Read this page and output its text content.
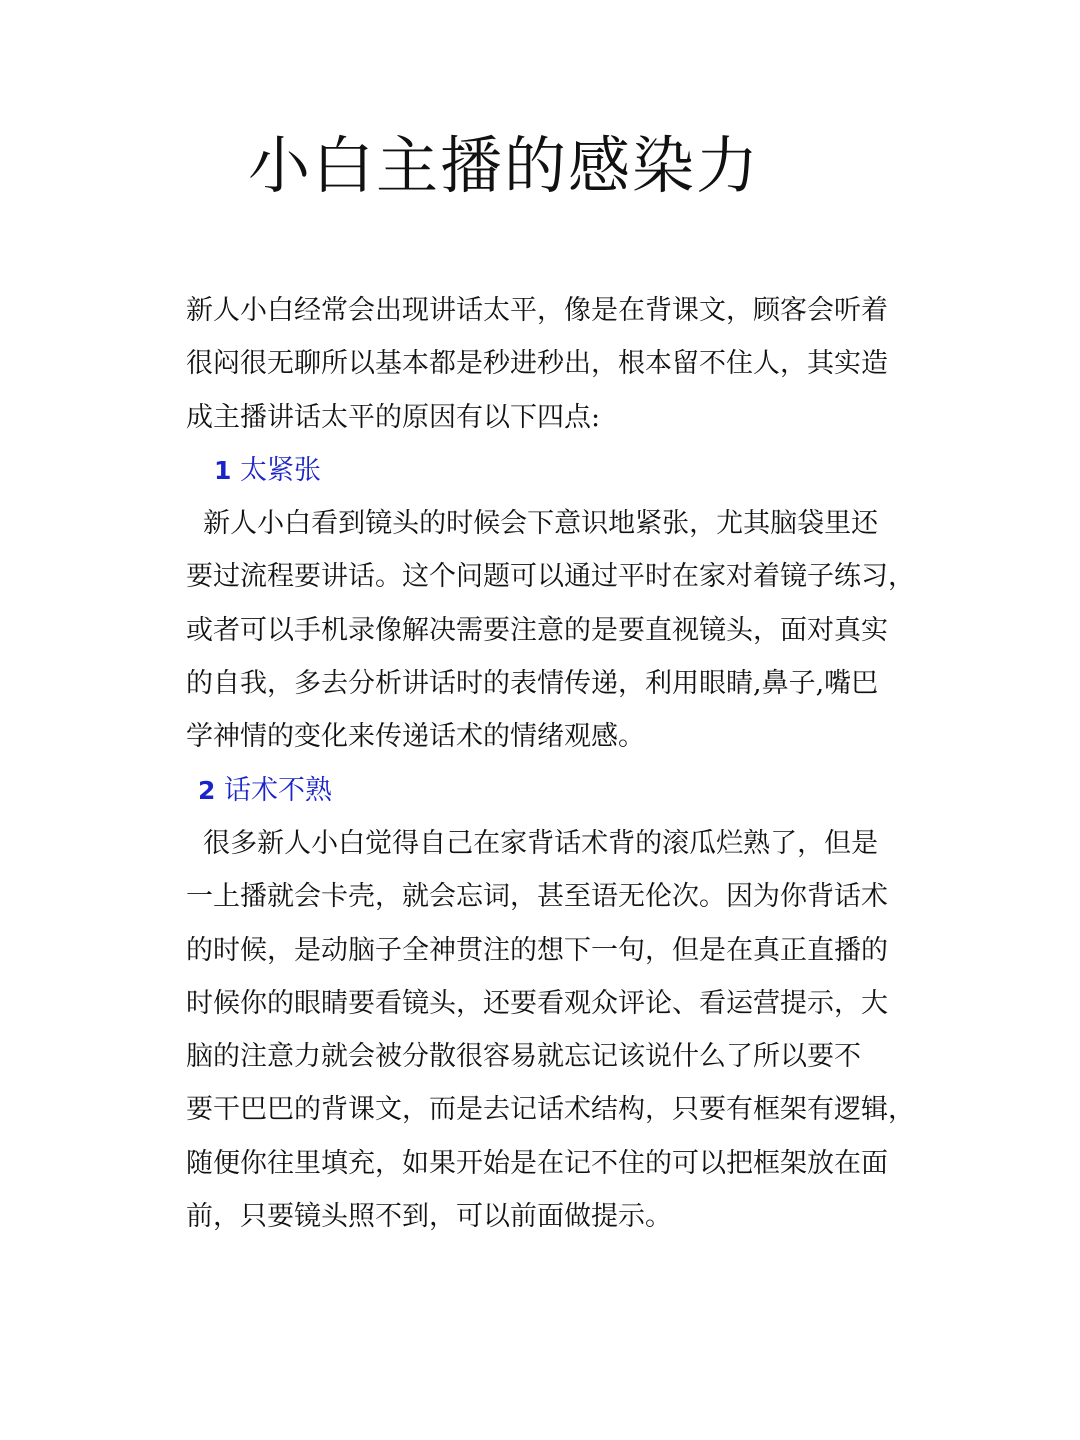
小白主播的感染力

新人小白经常会出现讲话太平，像是在背课文，顾客会听着
很闷很无聊所以基本都是秒进秒出，根本留不住人，其实造
成主播讲话太平的原因有以下四点:

1 太紧张

新人小白看到镜头的时候会下意识地紧张，尤其脑袋里还
要过流程要讲话。这个问题可以通过平时在家对着镜子练习，
或者可以手机录像解决需要注意的是要直视镜头，面对真实
的自我，多去分析讲话时的表情传递，利用眼睛,鼻子,嘴巴
学神情的变化来传递话术的情绪观感。

2 话术不熟

很多新人小白觉得自己在家背话术背的滚瓜烂熟了，但是
一上播就会卡壳，就会忘词，甚至语无伦次。因为你背话术
的时候，是动脑子全神贯注的想下一句，但是在真正直播的
时候你的眼睛要看镜头，还要看观众评论、看运营提示，大
脑的注意力就会被分散很容易就忘记该说什么了所以要不
要干巴巴的背课文，而是去记话术结构，只要有框架有逻辑，
随便你往里填充，如果开始是在记不住的可以把框架放在面
前，只要镜头照不到，可以前面做提示。
